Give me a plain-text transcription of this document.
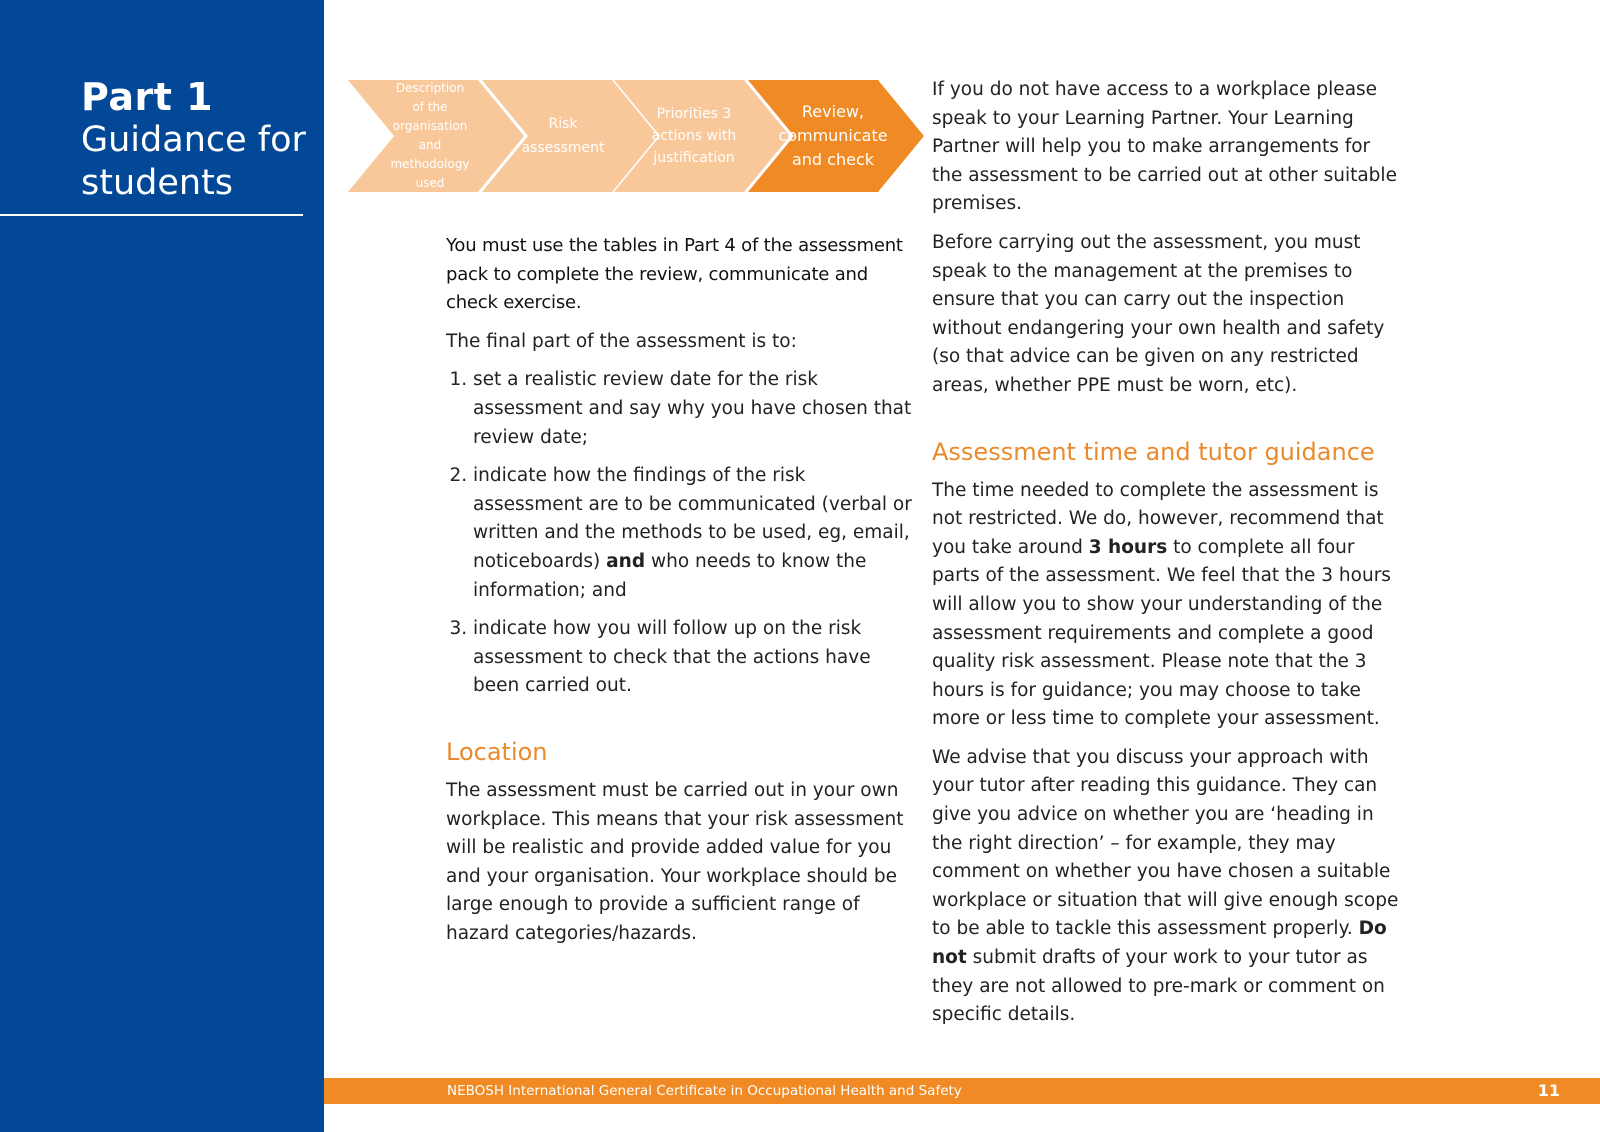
Part 1
Guidance for students
Description
of the
organisation
and methodology
used
Risk
assessment
Priorities 3
actions with
justification
Review,
communicate
and check

You must use the tables in Part 4 of the assessment pack to complete the review, communicate and check exercise.

The final part of the assessment is to:

1. set a realistic review date for the risk assessment and say why you have chosen that review date;
2. indicate how the findings of the risk assessment are to be communicated (verbal or written and the methods to be used, eg, email, noticeboards) and who needs to know the information; and
3. indicate how you will follow up on the risk assessment to check that the actions have been carried out.
Location

The assessment must be carried out in your own workplace. This means that your risk assessment will be realistic and provide added value for you and your organisation. Your workplace should be large enough to provide a sufficient range of hazard categories/hazards.

If you do not have access to a workplace please speak to your Learning Partner. Your Learning Partner will help you to make arrangements for the assessment to be carried out at other suitable premises.

Before carrying out the assessment, you must speak to the management at the premises to ensure that you can carry out the inspection without endangering your own health and safety (so that advice can be given on any restricted areas, whether PPE must be worn, etc).

Assessment time and tutor guidance

The time needed to complete the assessment is not restricted. We do, however, recommend that you take around 3 hours to complete all four parts of the assessment. We feel that the 3 hours will allow you to show your understanding of the assessment requirements and complete a good quality risk assessment. Please note that the 3 hours is for guidance; you may choose to take more or less time to complete your assessment.

We advise that you discuss your approach with your tutor after reading this guidance. They can give you advice on whether you are ‘heading in the right direction’ – for example, they may comment on whether you have chosen a suitable workplace or situation that will give enough scope to be able to tackle this assessment properly. Do not submit drafts of your work to your tutor as they are not allowed to pre-mark or comment on specific details.

NEBOSH International General Certificate in Occupational Health and Safety	11
